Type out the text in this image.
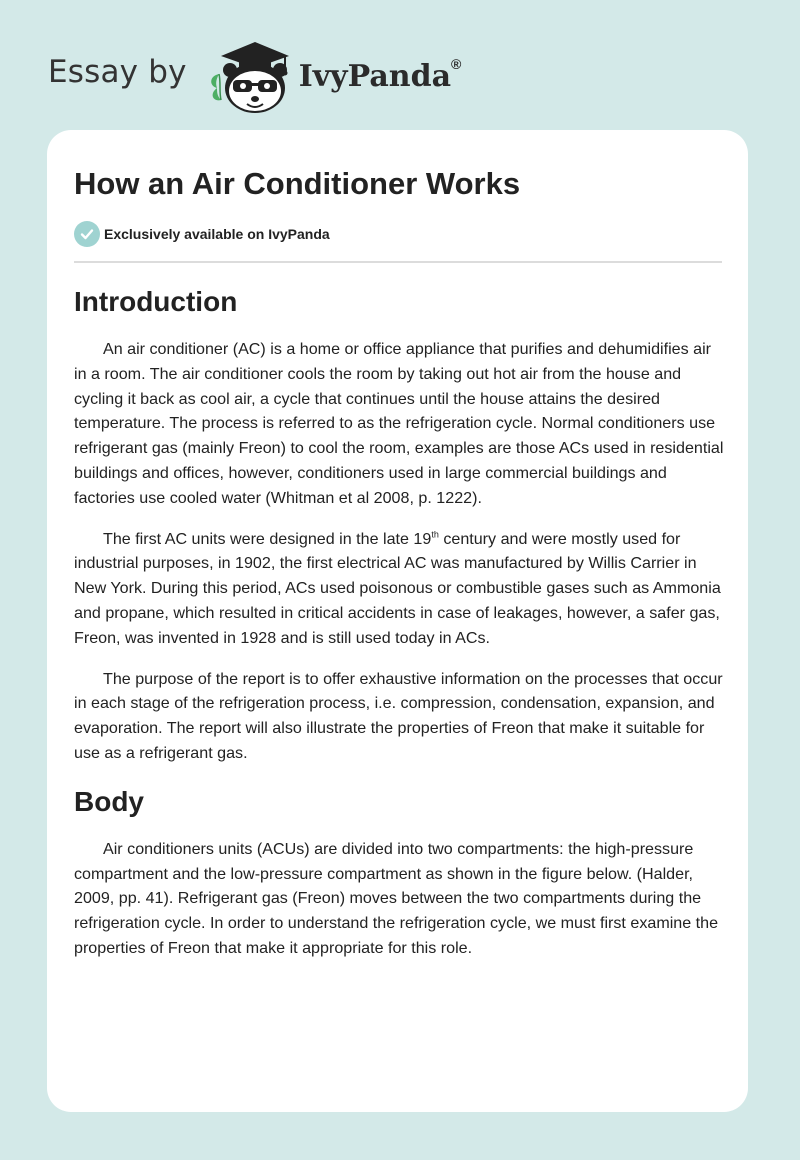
Essay by	IvyPanda®
How an Air Conditioner Works
Exclusively available on IvyPanda
Introduction

An air conditioner (AC) is a home or office appliance that purifies and dehumidifies air in a room. The air conditioner cools the room by taking out hot air from the house and cycling it back as cool air, a cycle that continues until the house attains the desired temperature. The process is referred to as the refrigeration cycle. Normal conditioners use refrigerant gas (mainly Freon) to cool the room, examples are those ACs used in residential buildings and offices, however, conditioners used in large commercial buildings and factories use cooled water (Whitman et al 2008, p. 1222).

The first AC units were designed in the late 19th century and were mostly used for industrial purposes, in 1902, the first electrical AC was manufactured by Willis Carrier in New York. During this period, ACs used poisonous or combustible gases such as Ammonia and propane, which resulted in critical accidents in case of leakages, however, a safer gas, Freon, was invented in 1928 and is still used today in ACs.

The purpose of the report is to offer exhaustive information on the processes that occur in each stage of the refrigeration process, i.e. compression, condensation, expansion, and evaporation. The report will also illustrate the properties of Freon that make it suitable for use as a refrigerant gas.

Body

Air conditioners units (ACUs) are divided into two compartments: the high-pressure compartment and the low-pressure compartment as shown in the figure below. (Halder, 2009, pp. 41). Refrigerant gas (Freon) moves between the two compartments during the refrigeration cycle. In order to understand the refrigeration cycle, we must first examine the properties of Freon that make it appropriate for this role.
